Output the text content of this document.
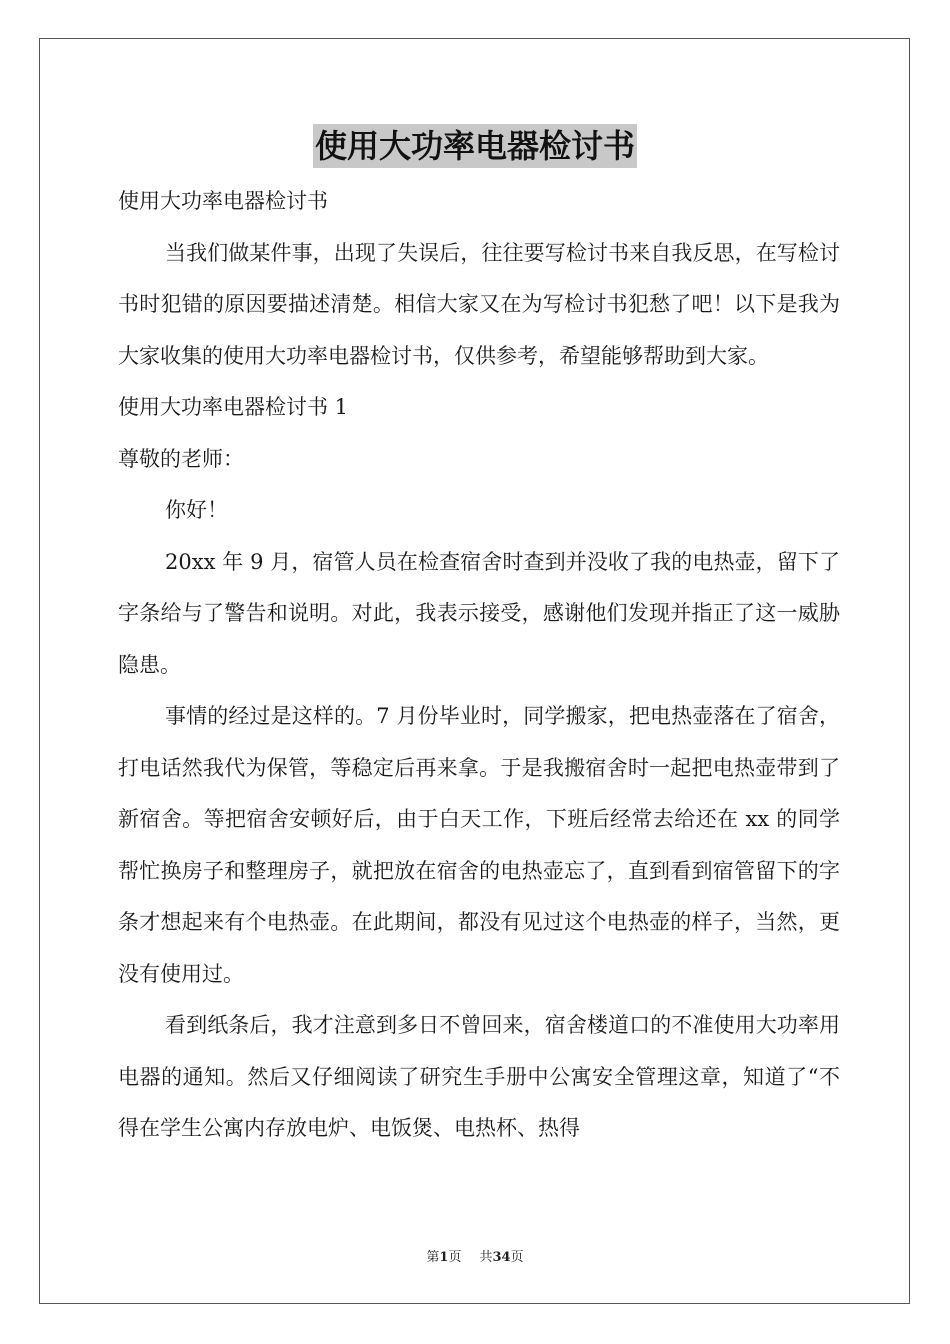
使用大功率电器检讨书

使用大功率电器检讨书

当我们做某件事，出现了失误后，往往要写检讨书来自我反思，在写检讨书时犯错的原因要描述清楚。相信大家又在为写检讨书犯愁了吧！以下是我为大家收集的使用大功率电器检讨书，仅供参考，希望能够帮助到大家。

使用大功率电器检讨书 1

尊敬的老师：

你好！

20xx 年 9 月，宿管人员在检查宿舍时查到并没收了我的电热壶，留下了字条给与了警告和说明。对此，我表示接受，感谢他们发现并指正了这一威胁隐患。

事情的经过是这样的。7 月份毕业时，同学搬家，把电热壶落在了宿舍，打电话然我代为保管，等稳定后再来拿。于是我搬宿舍时一起把电热壶带到了新宿舍。等把宿舍安顿好后，由于白天工作，下班后经常去给还在 xx 的同学帮忙换房子和整理房子，就把放在宿舍的电热壶忘了，直到看到宿管留下的字条才想起来有个电热壶。在此期间，都没有见过这个电热壶的样子，当然，更没有使用过。

看到纸条后，我才注意到多日不曾回来，宿舍楼道口的不准使用大功率用电器的通知。然后又仔细阅读了研究生手册中公寓安全管理这章，知道了“不得在学生公寓内存放电炉、电饭煲、电热杯、热得

第1页 共34页
